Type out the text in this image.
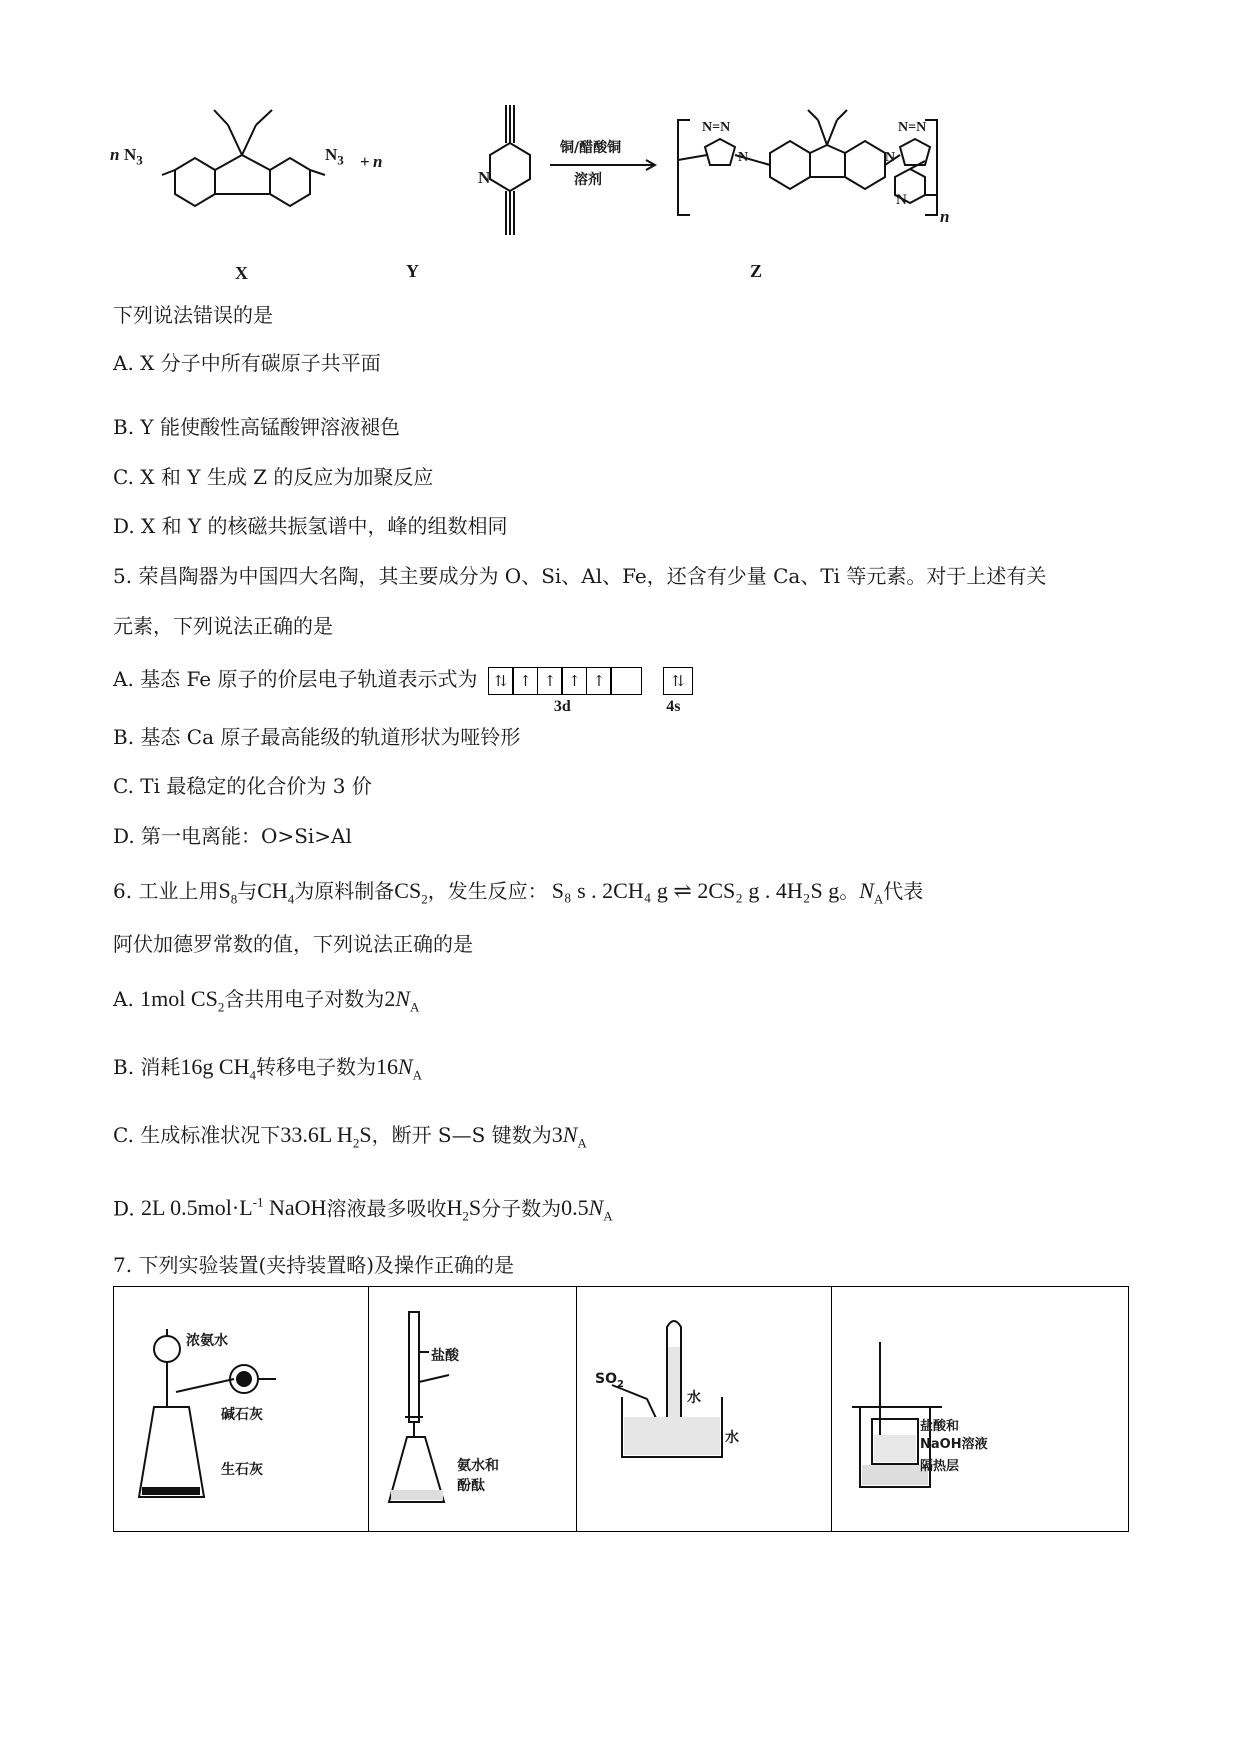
n $N_3$	$N_3 + n$
N
铜/醋酸铜
溶剂
N=N
N
N=N
N
N
n
X	Y	Z
下列说法错误的是
A. X 分子中所有碳原子共平面
B. Y 能使酸性高锰酸钾溶液褪色
C. X 和 Y 生成 Z 的反应为加聚反应
D. X 和 Y 的核磁共振氢谱中，峰的组数相同
5. 荣昌陶器为中国四大名陶，其主要成分为 O、Si、Al、Fe，还含有少量 Ca、Ti 等元素。对于上述有关
元素，下列说法正确的是
A. 基态 Fe 原子的价层电子轨道表示式为 ⇅ ↑ ↑ ↑ ↑
3d
⇅
4s
B. 基态 Ca 原子最高能级的轨道形状为哑铃形
C. Ti 最稳定的化合价为 3 价
D. 第一电离能：O>Si>Al
6. 工业上用$S_8$与$CH_4$为原料制备$CS_2$，发生反应： S₈ s . 2CH₄ g ⇌ 2CS₂ g . 4H₂S g。$N_A$代表
阿伏加德罗常数的值，下列说法正确的是
A. 1mol $CS_2$含共用电子对数为$2N_A$
B. 消耗16g $CH_4$转移电子数为$16N_A$
C. 生成标准状况下33.6L $H_2S$，断开 S—S 键数为$3N_A$
D. 2L $0.5mol\cdot L^{-1}$ NaOH溶液最多吸收$H_2S$分子数为$0.5N_A$
7. 下列实验装置(夹持装置略)及操作正确的是
浓氨水
碱石灰
生石灰

盐酸
氨水和
酚酞

$SO_2$
水
水

盐酸和
NaOH溶液
隔热层
